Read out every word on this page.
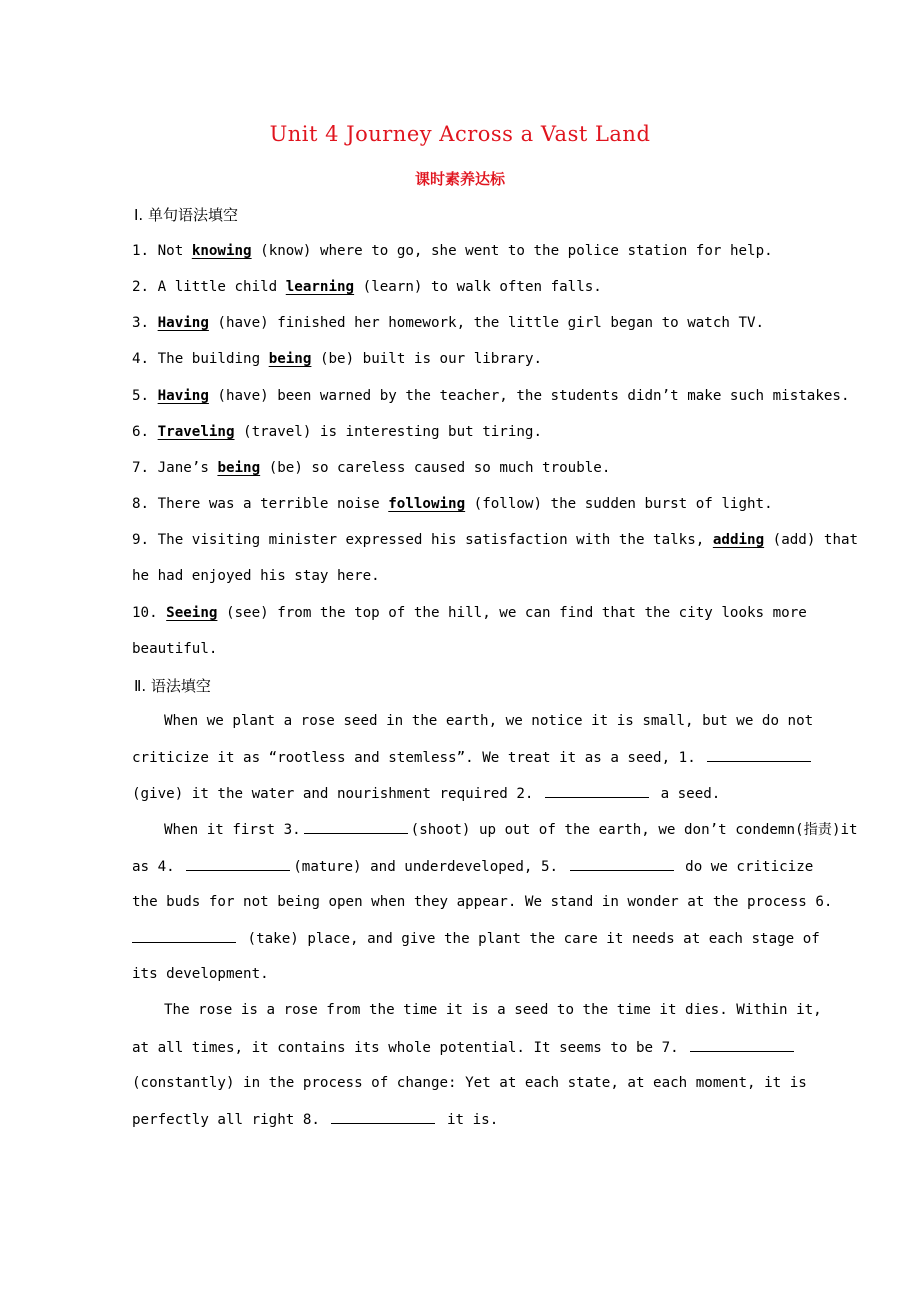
Unit 4 Journey Across a Vast Land
课时素养达标
Ⅰ. 单句语法填空
1. Not knowing (know) where to go, she went to the police station for help.
2. A little child learning (learn) to walk often falls.
3. Having (have) finished her homework, the little girl began to watch TV.
4. The building being (be) built is our library.
5. Having (have) been warned by the teacher, the students didn’t make such mistakes.
6. Traveling (travel) is interesting but tiring.
7. Jane’s being (be) so careless caused so much trouble.
8. There was a terrible noise following (follow) the sudden burst of light.
9. The visiting minister expressed his satisfaction with the talks, adding (add) that
he had enjoyed his stay here.
10. Seeing (see) from the top of the hill, we can find that the city looks more
beautiful.
Ⅱ. 语法填空
When we plant a rose seed in the earth, we notice it is small, but we do not
criticize it as “rootless and stemless”. We treat it as a seed, 1.
(give) it the water and nourishment required 2.	a seed.
When it first 3.	(shoot) up out of the earth, we don’t condemn(指责)it
as 4.	(mature) and underdeveloped, 5.	do we criticize
the buds for not being open when they appear. We stand in wonder at the process 6.
(take) place, and give the plant the care it needs at each stage of
its development.
The rose is a rose from the time it is a seed to the time it dies. Within it,
at all times, it contains its whole potential. It seems to be 7.
(constantly) in the process of change: Yet at each state, at each moment, it is
perfectly all right 8.	it is.
